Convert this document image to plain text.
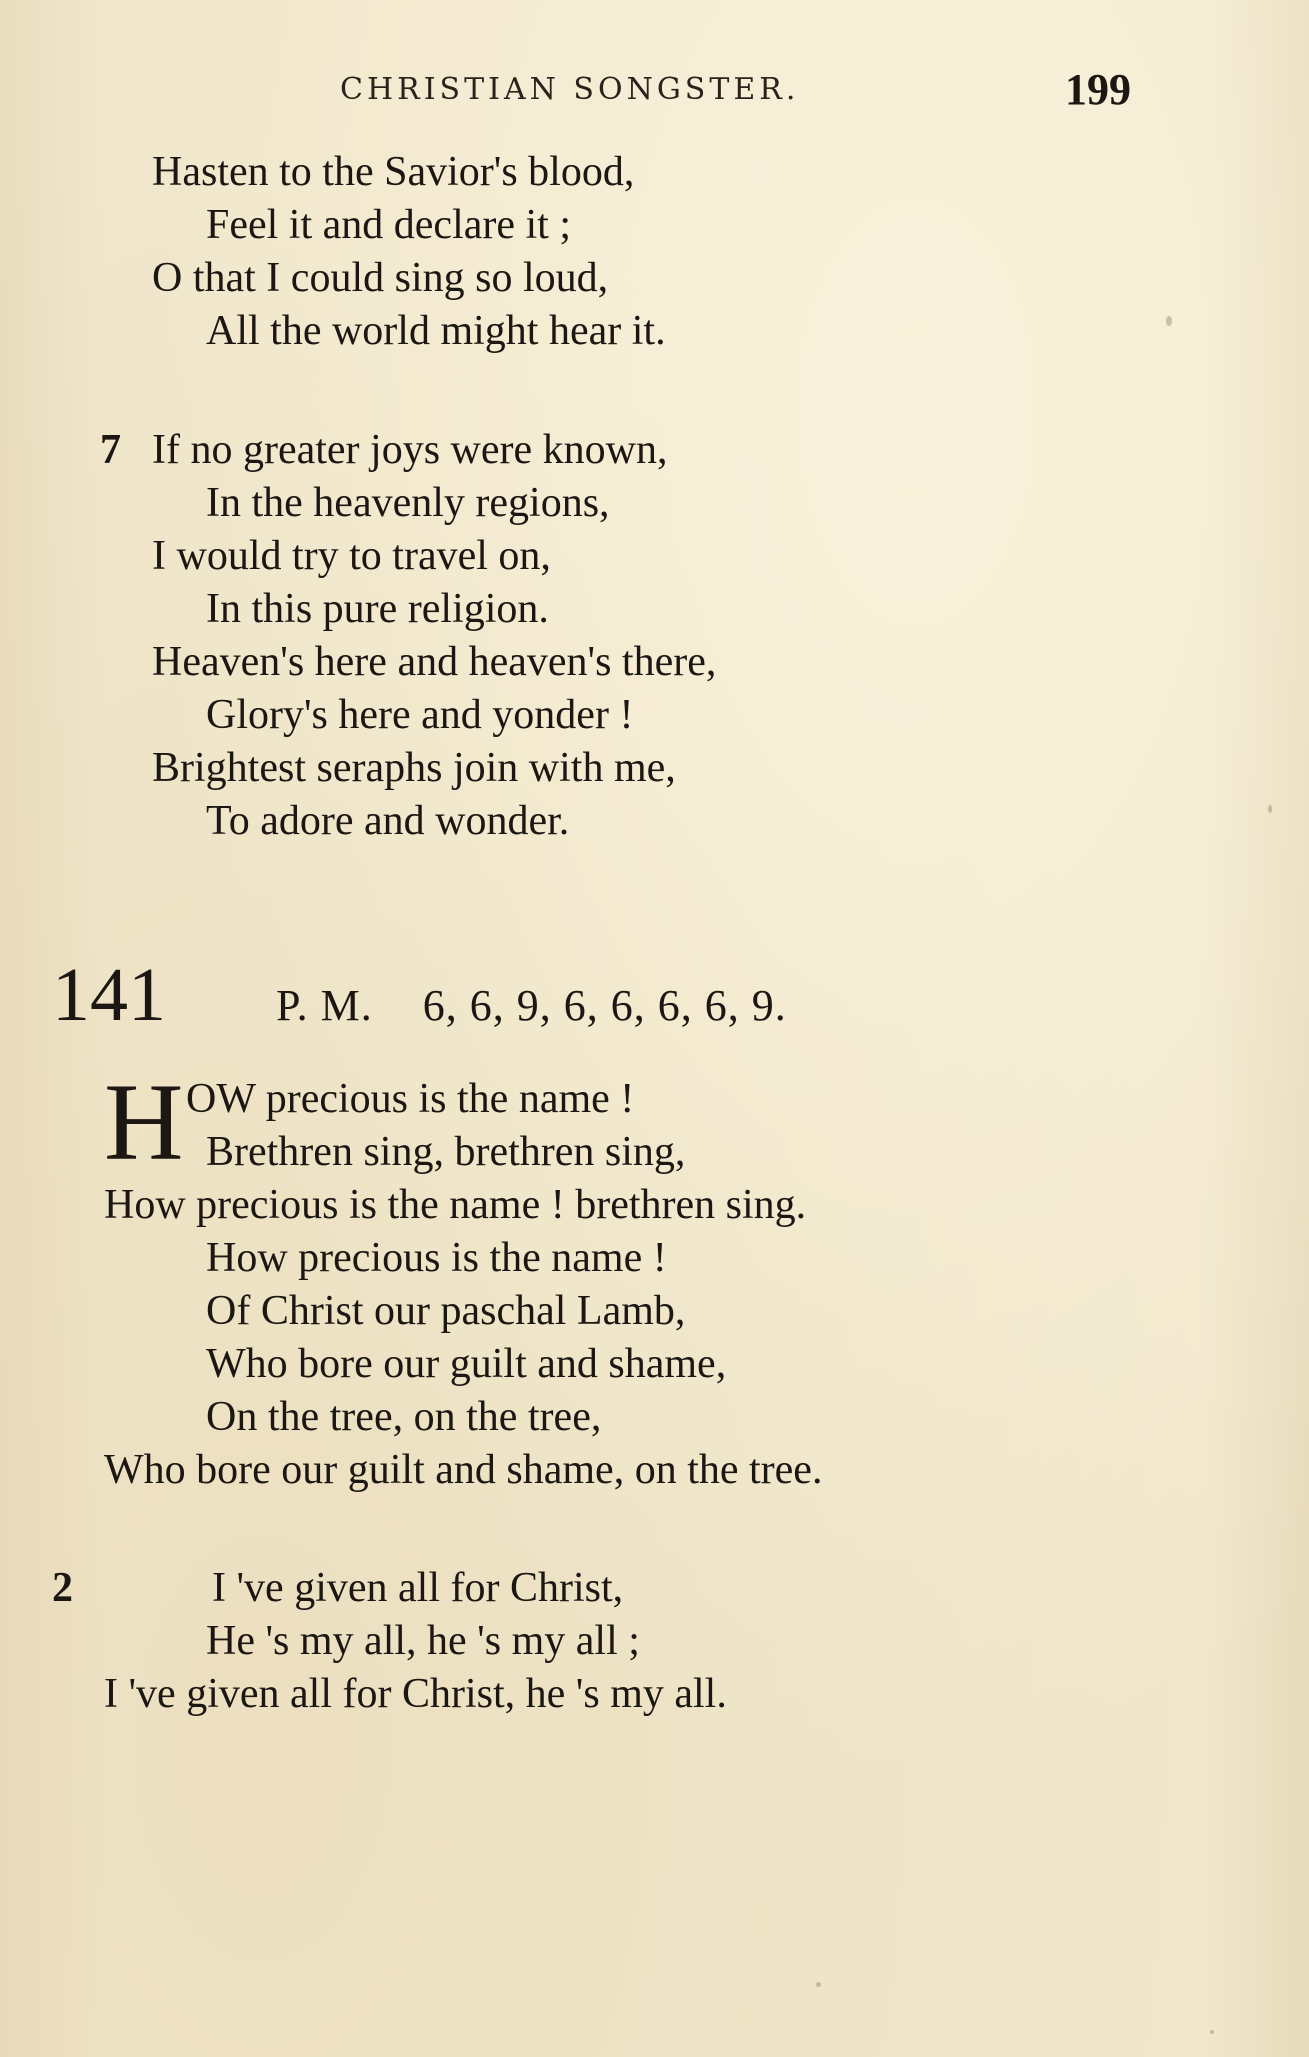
CHRISTIAN SONGSTER.	199
Hasten to the Savior's blood,
Feel it and declare it ;
O that I could sing so loud,
All the world might hear it.
7 If no greater joys were known,
In the heavenly regions,
I would try to travel on,
In this pure religion.
Heaven's here and heaven's there,
Glory's here and yonder !
Brightest seraphs join with me,
To adore and wonder.
141	P. M. 6, 6, 9, 6, 6, 6, 6, 9.
H OW precious is the name !
Brethren sing, brethren sing,
How precious is the name ! brethren sing.
How precious is the name !
Of Christ our paschal Lamb,
Who bore our guilt and shame,
On the tree, on the tree,
Who bore our guilt and shame, on the tree.
2	I 've given all for Christ,
He 's my all, he 's my all ;
I 've given all for Christ, he 's my all.
